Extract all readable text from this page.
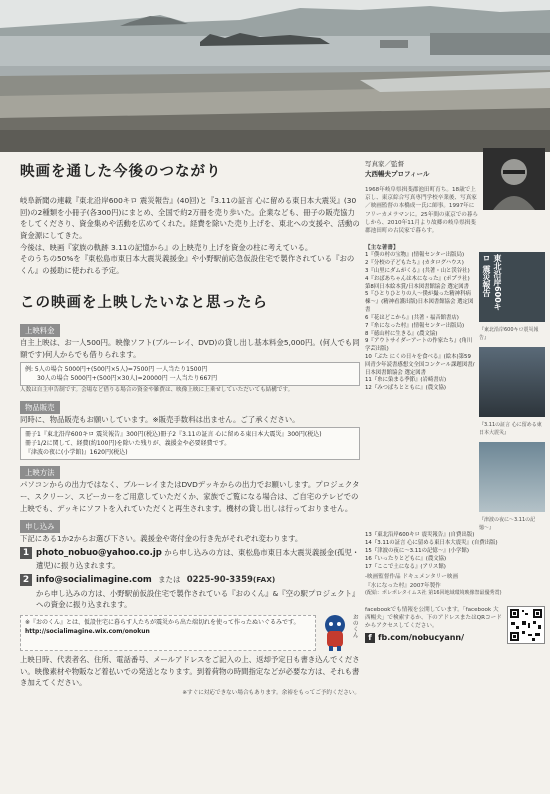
映画を通した今後のつながり

岐阜新聞の連載『東北沿岸600キロ 震災報告』(40回)と『3.11の証言 心に留める東日本大震災』(30回)の2種類を小冊子(各300円)にまとめ、全国で約2万冊を売り歩いた。企業なども、冊子の販売協力をしてくださり、資金集めや活動を広めてくれた。経費を除いた売り上げを、東北への支援や、活動の資金源にしてきた。

今後は、映画『家族の軌跡 3.11の記憶から』の上映売り上げを資金の柱に考えている。

そのうちの50%を『東松島市東日本大震災義援金』や小野駅前応急仮設住宅で製作されている『おのくん』の援助に使われる予定。

この映画を上映したいなと思ったら
上映料金

自主上映は、お一人500円。映像ソフト(ブルーレイ、DVD)の貸し出し基本料金5,000円。(何人でも同額です)何人からでも借りられます。

例: 5人の場合 5000円+(500円×5人)=7500円 一人当たり1500円
30人の場合 5000円+(500円×30人)=20000円 一人当たり667円
人数は自主申告制です。会場など借りる場合の資金や雑費は、映像上映に上乗せしていただいても結構です。
物品販売

同時に、物品販売もお願いしています。※販売手数料は出ません。ご了承ください。

冊子1『東北沿岸600キロ 震災報告』300円(税込)冊子2『3.11の証言 心に留める東日本大震災』300円(税込)
冊子1/2に関して、経費(約100円)を除いた残りが、義援金や必要経費です。
『津波の夜に(小学館)』1620円(税込)
上映方法

パソコンからの出力ではなく、ブルーレイまたはDVDデッキからの出力でお願いします。プロジェクター、スクリーン、スピーカーをご用意していただくか、家族でご覧になる場合は、ご自宅のテレビでの上映でも、デッキにソフトを入れていただくと再生されます。機材の貸し出しは行っておりません。

申し込み

下記にある1か2からお選び下さい。義援金や寄付金の行き先がそれぞれ変わります。

1 photo_nobuo@yahoo.co.jp から申し込みの方は、東松島市東日本大震災義援金(孤児・遺児)に振り込まれます。
2 info@socialimagine.com または 0225-90-3359(FAX)
から申し込みの方は、小野駅前仮設住宅で製作されている『おのくん』&『空の駅プロジェクト』への資金に振り込まれます。
※『おのくん』とは、仮設住宅に暮らす人たちが震災から出た端切れを使って作ったぬいぐるみです。
http://socialimagine.wix.com/onokun
おのくん

上映日時、代表者名、住所、電話番号、メールアドレスをご記入の上、返却予定日も書き込んでください。映像素材や物販など着払いでの発送となります。到着荷物の時間指定などが必要な方は、それも書き加えてください。

※すぐに対応できない場合もあります。余裕をもってご予約ください。
写真家／監督
大西暢夫プロフィール

1968年岐阜県揖斐郡池田町育ち。18歳で上京し、東京綜合写真専門学校卒業後、写真家／映画監督の本橋成一氏に師事。1997年にフリーカメラマンに。25年間の東京での暮らしから、2010年11月より故郷の岐阜県揖斐郡池田町の古民家で暮らす。

【主な著書】
1『僕の村の宝物』(情報センター出版局)
2『分校の子どもたち』(カタログハウス)
3『山里にダムがくる』(共著・山と渓谷社)
4『おばあちゃんは木になった』(ポプラ社)第8回日本絵本賞/日本図書館協会 選定図書
5『ひとりひとりの人〜僕が撮った精神科病棟〜』(精神看護出版)日本図書館協会 選定図書
6『花はどこから』(共著・福音館書店)
7『糸になった村』(情報センター出版局)
8『徳山村に生きる』(農文協)
9『アウトサイダーアートの作家たち』(角川学芸出版)
10『ぶた にくの日々を食べる』(絵本)第59回青少年読書感想文全国コンクール課題図書/日本図書館協会 選定図書
11『糸に染まる季節』(岩崎書店)
12『みつばちとともに』(農文協)
東北沿岸600キロ 震災報告
『東北沿岸600キロ震災報告』
『3.11の証言 心に留める東日本大震災』
『津波の夜に〜3.11の記憶〜』
13『東北沿岸600キロ 震災報告』(自費出版)
14『3.11の証言 心に留める東日本大震災』(自費出版)
15『津波の夜に〜3.11の記憶〜』(小学館)
16『いったりとどもに』(農文協)
17『ここで土になる』(アリス館)
-映画監督作品 ドキュメンタリー映画
『水になった村』2007年製作
(配給：ポレポレタイムス社 第16回地域環境映像祭最優秀賞)

facebookでも情報を公開しています。「facebook 大西暢夫」で検索するか、下のアドレスまたはQRコードからアクセスしてください。

f fb.com/nobucyann/
